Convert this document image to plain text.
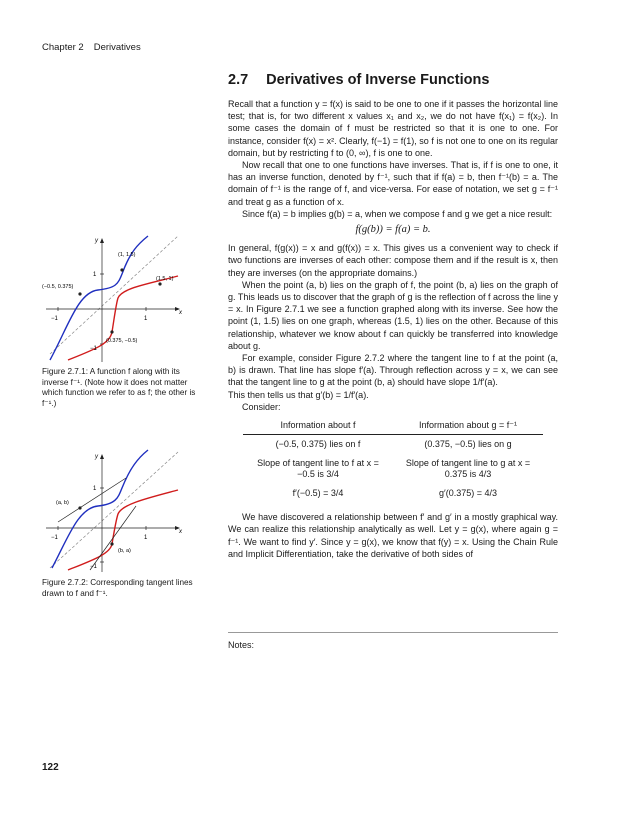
Chapter 2 Derivatives
2.7 Derivatives of Inverse Functions

Recall that a function y = f(x) is said to be one to one if it passes the horizontal line test; that is, for two different x values x₁ and x₂, we do not have f(x₁) = f(x₂). In some cases the domain of f must be restricted so that it is one to one. For instance, consider f(x) = x². Clearly, f(−1) = f(1), so f is not one to one on its regular domain, but by restricting f to (0, ∞), f is one to one.

Now recall that one to one functions have inverses. That is, if f is one to one, it has an inverse function, denoted by f⁻¹, such that if f(a) = b, then f⁻¹(b) = a. The domain of f⁻¹ is the range of f, and vice-versa. For ease of notation, we set g = f⁻¹ and treat g as a function of x.

Since f(a) = b implies g(b) = a, when we compose f and g we get a nice result:

f(g(b)) = f(a) = b.

In general, f(g(x)) = x and g(f(x)) = x. This gives us a convenient way to check if two functions are inverses of each other: compose them and if the result is x, then they are inverses (on the appropriate domains.)

When the point (a, b) lies on the graph of f, the point (b, a) lies on the graph of g. This leads us to discover that the graph of g is the reflection of f across the line y = x. In Figure 2.7.1 we see a function graphed along with its inverse. See how the point (1, 1.5) lies on one graph, whereas (1.5, 1) lies on the other. Because of this relationship, whatever we know about f can quickly be transferred into knowledge about g.

For example, consider Figure 2.7.2 where the tangent line to f at the point (a, b) is drawn. That line has slope f′(a). Through reflection across y = x, we can see that the tangent line to g at the point (b, a) should have slope 1/f′(a).

This then tells us that g′(b) = 1/f′(a).

Consider:

Information about f	Information about g = f⁻¹
(−0.5, 0.375) lies on f	(0.375, −0.5) lies on g
Slope of tangent line to f at x = −0.5 is 3/4	Slope of tangent line to g at x = 0.375 is 4/3
f′(−0.5) = 3/4	g′(0.375) = 4/3

We have discovered a relationship between f′ and g′ in a mostly graphical way. We can realize this relationship analytically as well. Let y = g(x), where again g = f⁻¹. We want to find y′. Since y = g(x), we know that f(y) = x. Using the Chain Rule and Implicit Differentiation, take the derivative of both sides of

(1, 1.5)
(1.5, 1)
(−0.5, 0.375)
(0.375, −0.5)
x
y
1
−1
1
−1
Figure 2.7.1: A function f along with its inverse f⁻¹. (Note how it does not matter which function we refer to as f; the other is f⁻¹.)
(a, b)
(b, a)
x
y
1
−1
1
−1
Figure 2.7.2: Corresponding tangent lines drawn to f and f⁻¹.
Notes:
122
